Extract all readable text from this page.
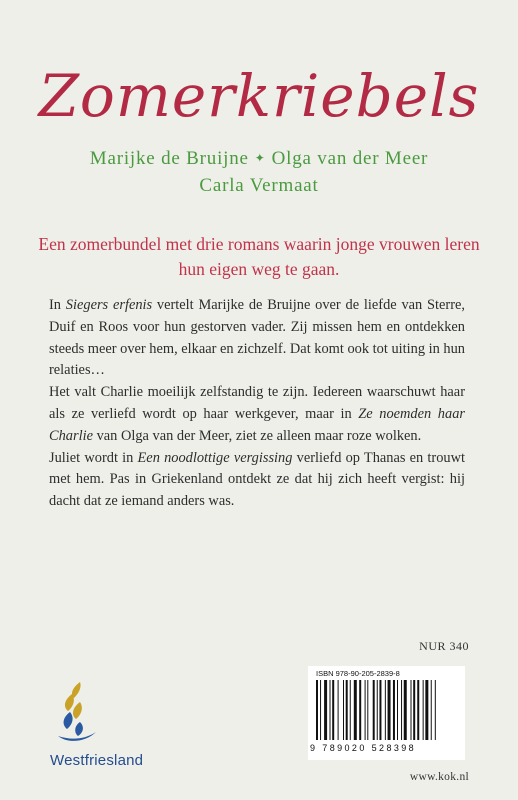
Zomerkriebels
Marijke de Bruijne ✦ Olga van der Meer
Carla Vermaat
Een zomerbundel met drie romans waarin jonge vrouwen leren hun eigen weg te gaan.

In Siegers erfenis vertelt Marijke de Bruijne over de liefde van Sterre, Duif en Roos voor hun gestorven vader. Zij missen hem en ontdekken steeds meer over hem, elkaar en zichzelf. Dat komt ook tot uiting in hun relaties…

Het valt Charlie moeilijk zelfstandig te zijn. Iedereen waarschuwt haar als ze verliefd wordt op haar werkgever, maar in Ze noemden haar Charlie van Olga van der Meer, ziet ze alleen maar roze wolken.

Juliet wordt in Een noodlottige vergissing verliefd op Thanas en trouwt met hem. Pas in Griekenland ontdekt ze dat hij zich heeft vergist: hij dacht dat ze iemand anders was.

NUR 340
ISBN 978-90-205-2839-8
9 789020 528398
Westfriesland
www.kok.nl
